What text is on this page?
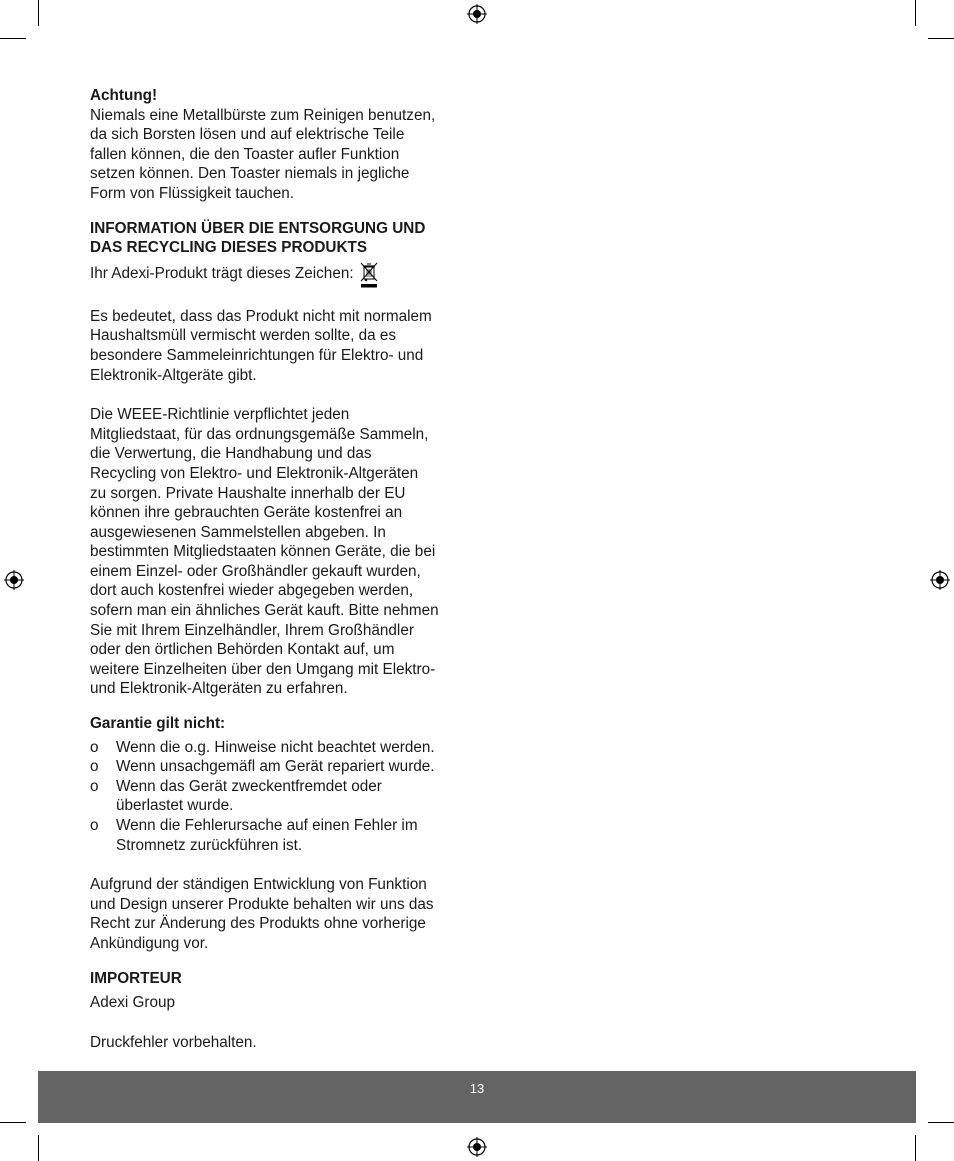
Achtung!

Niemals eine Metallbürste zum Reinigen benutzen,

da sich Borsten lösen und auf elektrische Teile

fallen können, die den Toaster aufler Funktion

setzen können. Den Toaster niemals in jegliche

Form von Flüssigkeit tauchen.

INFORMATION ÜBER DIE ENTSORGUNG UND

DAS RECYCLING DIESES PRODUKTS

Ihr Adexi-Produkt trägt dieses Zeichen:

Es bedeutet, dass das Produkt nicht mit normalem

Haushaltsmüll vermischt werden sollte, da es

besondere Sammeleinrichtungen für Elektro- und

Elektronik-Altgeräte gibt.

Die WEEE-Richtlinie verpflichtet jeden

Mitgliedstaat, für das ordnungsgemäße Sammeln,

die Verwertung, die Handhabung und das

Recycling von Elektro- und Elektronik-Altgeräten

zu sorgen. Private Haushalte innerhalb der EU

können ihre gebrauchten Geräte kostenfrei an

ausgewiesenen Sammelstellen abgeben. In

bestimmten Mitgliedstaaten können Geräte, die bei

einem Einzel- oder Großhändler gekauft wurden,

dort auch kostenfrei wieder abgegeben werden,

sofern man ein ähnliches Gerät kauft. Bitte nehmen

Sie mit Ihrem Einzelhändler, Ihrem Großhändler

oder den örtlichen Behörden Kontakt auf, um

weitere Einzelheiten über den Umgang mit Elektro-

und Elektronik-Altgeräten zu erfahren.

Garantie gilt nicht:

o	Wenn die o.g. Hinweise nicht beachtet werden.
o	Wenn unsachgemäfl am Gerät repariert wurde.
o	Wenn das Gerät zweckentfremdet oder
überlastet wurde.
o	Wenn die Fehlerursache auf einen Fehler im
Stromnetz zurückführen ist.

Aufgrund der ständigen Entwicklung von Funktion

und Design unserer Produkte behalten wir uns das

Recht zur Änderung des Produkts ohne vorherige

Ankündigung vor.

IMPORTEUR

Adexi Group

Druckfehler vorbehalten.

13
